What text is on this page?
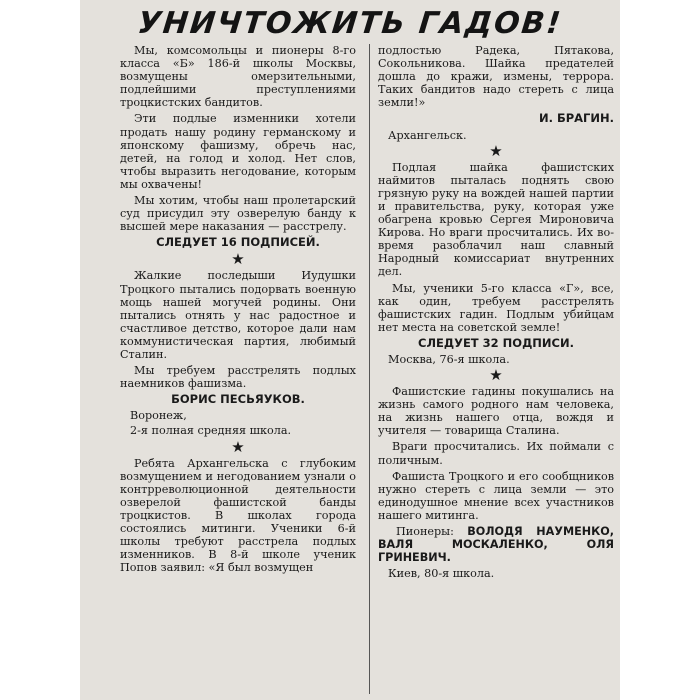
УНИЧТОЖИТЬ ГАДОВ!

Мы, комсомольцы и пионеры 8-го класса «Б» 186-й школы Москвы, возмущены омерзительными, подлейшими преступлениями троцкистских бандитов.

Эти подлые изменники хотели продать нашу родину германскому и японскому фашизму, обречь нас, детей, на голод и холод. Нет слов, чтобы выразить негодование, которым мы охвачены!

Мы хотим, чтобы наш пролетарский суд присудил эту озверелую банду к высшей мере наказания — расстрелу.

СЛЕДУЕТ 16 ПОДПИСЕЙ.
★

Жалкие последыши Иудушки Троцкого пытались подорвать военную мощь нашей могучей родины. Они пытались отнять у нас радостное и счастливое детство, которое дали нам коммунистическая партия, любимый Сталин.

Мы требуем расстрелять подлых наемников фашизма.

БОРИС ПЕСЬЯУКОВ.
Воронеж,
2-я полная средняя школа.
★

Ребята Архангельска с глубоким возмущением и негодованием узнали о контрреволюционной деятельности озверелой фашистской банды троцкистов. В школах города состоялись митинги. Ученики 6-й школы требуют расстрела подлых изменников. В 8-й школе ученик Попов заявил: «Я был возмущен

подлостью Радека, Пятакова, Сокольникова. Шайка предателей дошла до кражи, измены, террора. Таких бандитов надо стереть с лица земли!»

И. БРАГИН.
Архангельск.
★

Подлая шайка фашистских наймитов пыталась поднять свою грязную руку на вождей нашей партии и правительства, руку, которая уже обагрена кровью Сергея Мироновича Кирова. Но враги просчитались. Их во-время разоблачил наш славный Народный комиссариат внутренних дел.

Мы, ученики 5-го класса «Г», все, как один, требуем расстрелять фашистских гадин. Подлым убийцам нет места на советской земле!

СЛЕДУЕТ 32 ПОДПИСИ.
Москва, 76-я школа.
★

Фашистские гадины покушались на жизнь самого родного нам человека, на жизнь нашего отца, вождя и учителя — товарища Сталина.

Враги просчитались. Их поймали с поличным.

Фашиста Троцкого и его сообщников нужно стереть с лица земли — это единодушное мнение всех участников нашего митинга.

Пионеры: ВОЛОДЯ НАУМЕНКО, ВАЛЯ МОСКАЛЕНКО, ОЛЯ ГРИНЕВИЧ.

Киев, 80-я школа.
